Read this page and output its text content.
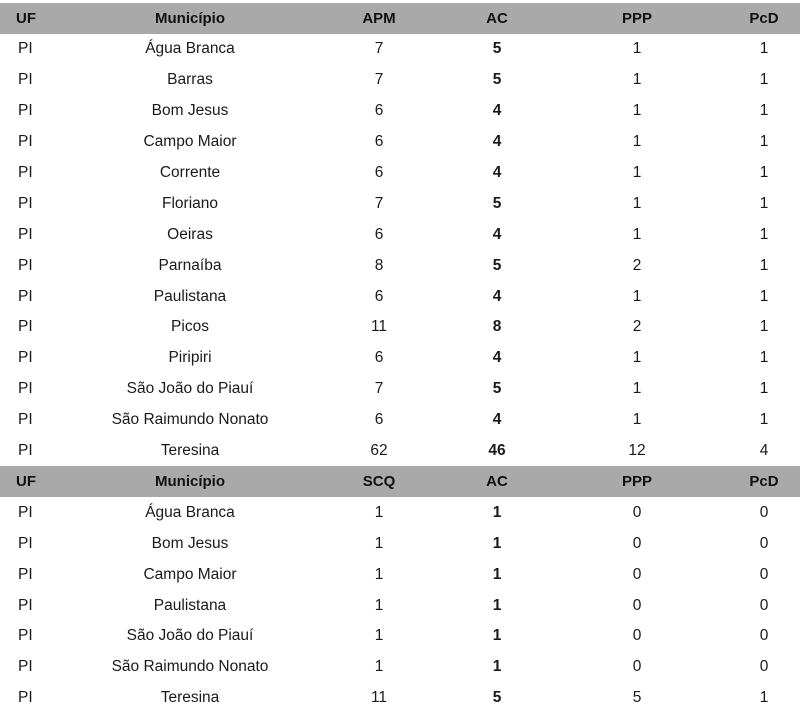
UF	Município	APM	AC	PPP	PcD
PI	Água Branca	7	5	1	1
PI	Barras	7	5	1	1
PI	Bom Jesus	6	4	1	1
PI	Campo Maior	6	4	1	1
PI	Corrente	6	4	1	1
PI	Floriano	7	5	1	1
PI	Oeiras	6	4	1	1
PI	Parnaíba	8	5	2	1
PI	Paulistana	6	4	1	1
PI	Picos	11	8	2	1
PI	Piripiri	6	4	1	1
PI	São João do Piauí	7	5	1	1
PI	São Raimundo Nonato	6	4	1	1
PI	Teresina	62	46	12	4
UF	Município	SCQ	AC	PPP	PcD
PI	Água Branca	1	1	0	0
PI	Bom Jesus	1	1	0	0
PI	Campo Maior	1	1	0	0
PI	Paulistana	1	1	0	0
PI	São João do Piauí	1	1	0	0
PI	São Raimundo Nonato	1	1	0	0
PI	Teresina	11	5	5	1
